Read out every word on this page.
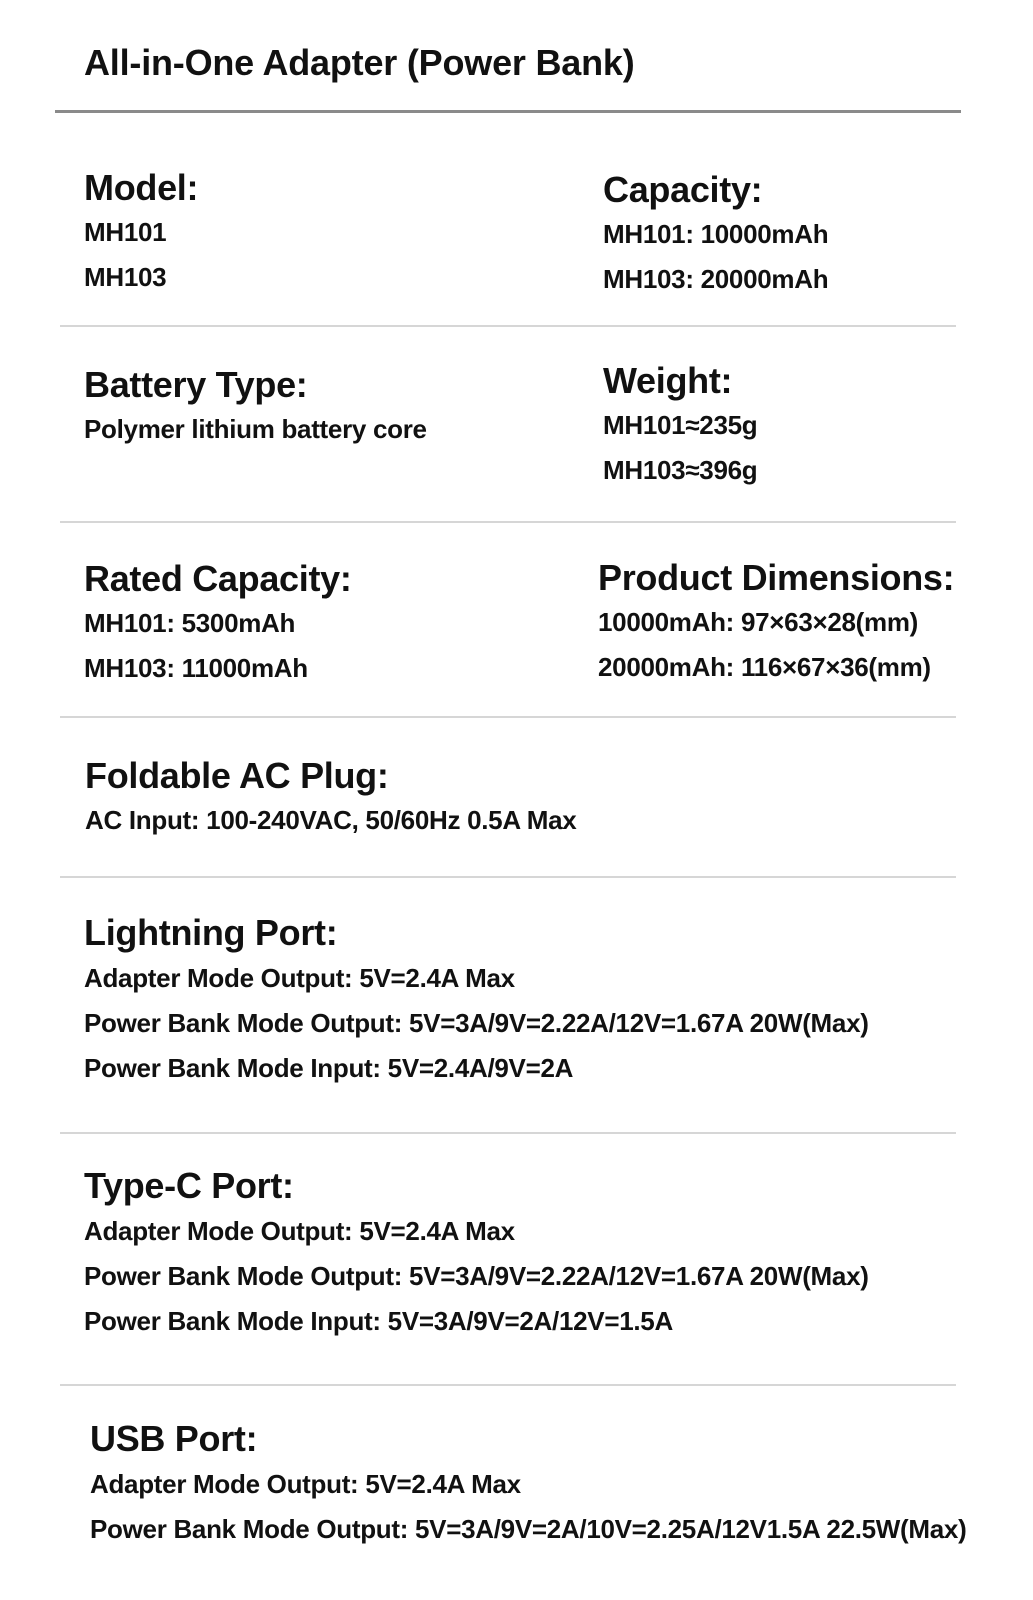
All-in-One Adapter (Power Bank)
Model:
MH101
MH103
Capacity:
MH101: 10000mAh
MH103: 20000mAh
Battery Type:
Polymer lithium battery core
Weight:
MH101≈235g
MH103≈396g
Rated Capacity:
MH101: 5300mAh
MH103: 11000mAh
Product Dimensions:
10000mAh: 97×63×28(mm)
20000mAh: 116×67×36(mm)
Foldable AC Plug:
AC Input: 100-240VAC, 50/60Hz 0.5A Max
Lightning Port:
Adapter Mode Output: 5V=2.4A Max
Power Bank Mode Output: 5V=3A/9V=2.22A/12V=1.67A 20W(Max)
Power Bank Mode Input: 5V=2.4A/9V=2A
Type-C Port:
Adapter Mode Output: 5V=2.4A Max
Power Bank Mode Output: 5V=3A/9V=2.22A/12V=1.67A 20W(Max)
Power Bank Mode Input: 5V=3A/9V=2A/12V=1.5A
USB Port:
Adapter Mode Output: 5V=2.4A Max
Power Bank Mode Output: 5V=3A/9V=2A/10V=2.25A/12V1.5A 22.5W(Max)
